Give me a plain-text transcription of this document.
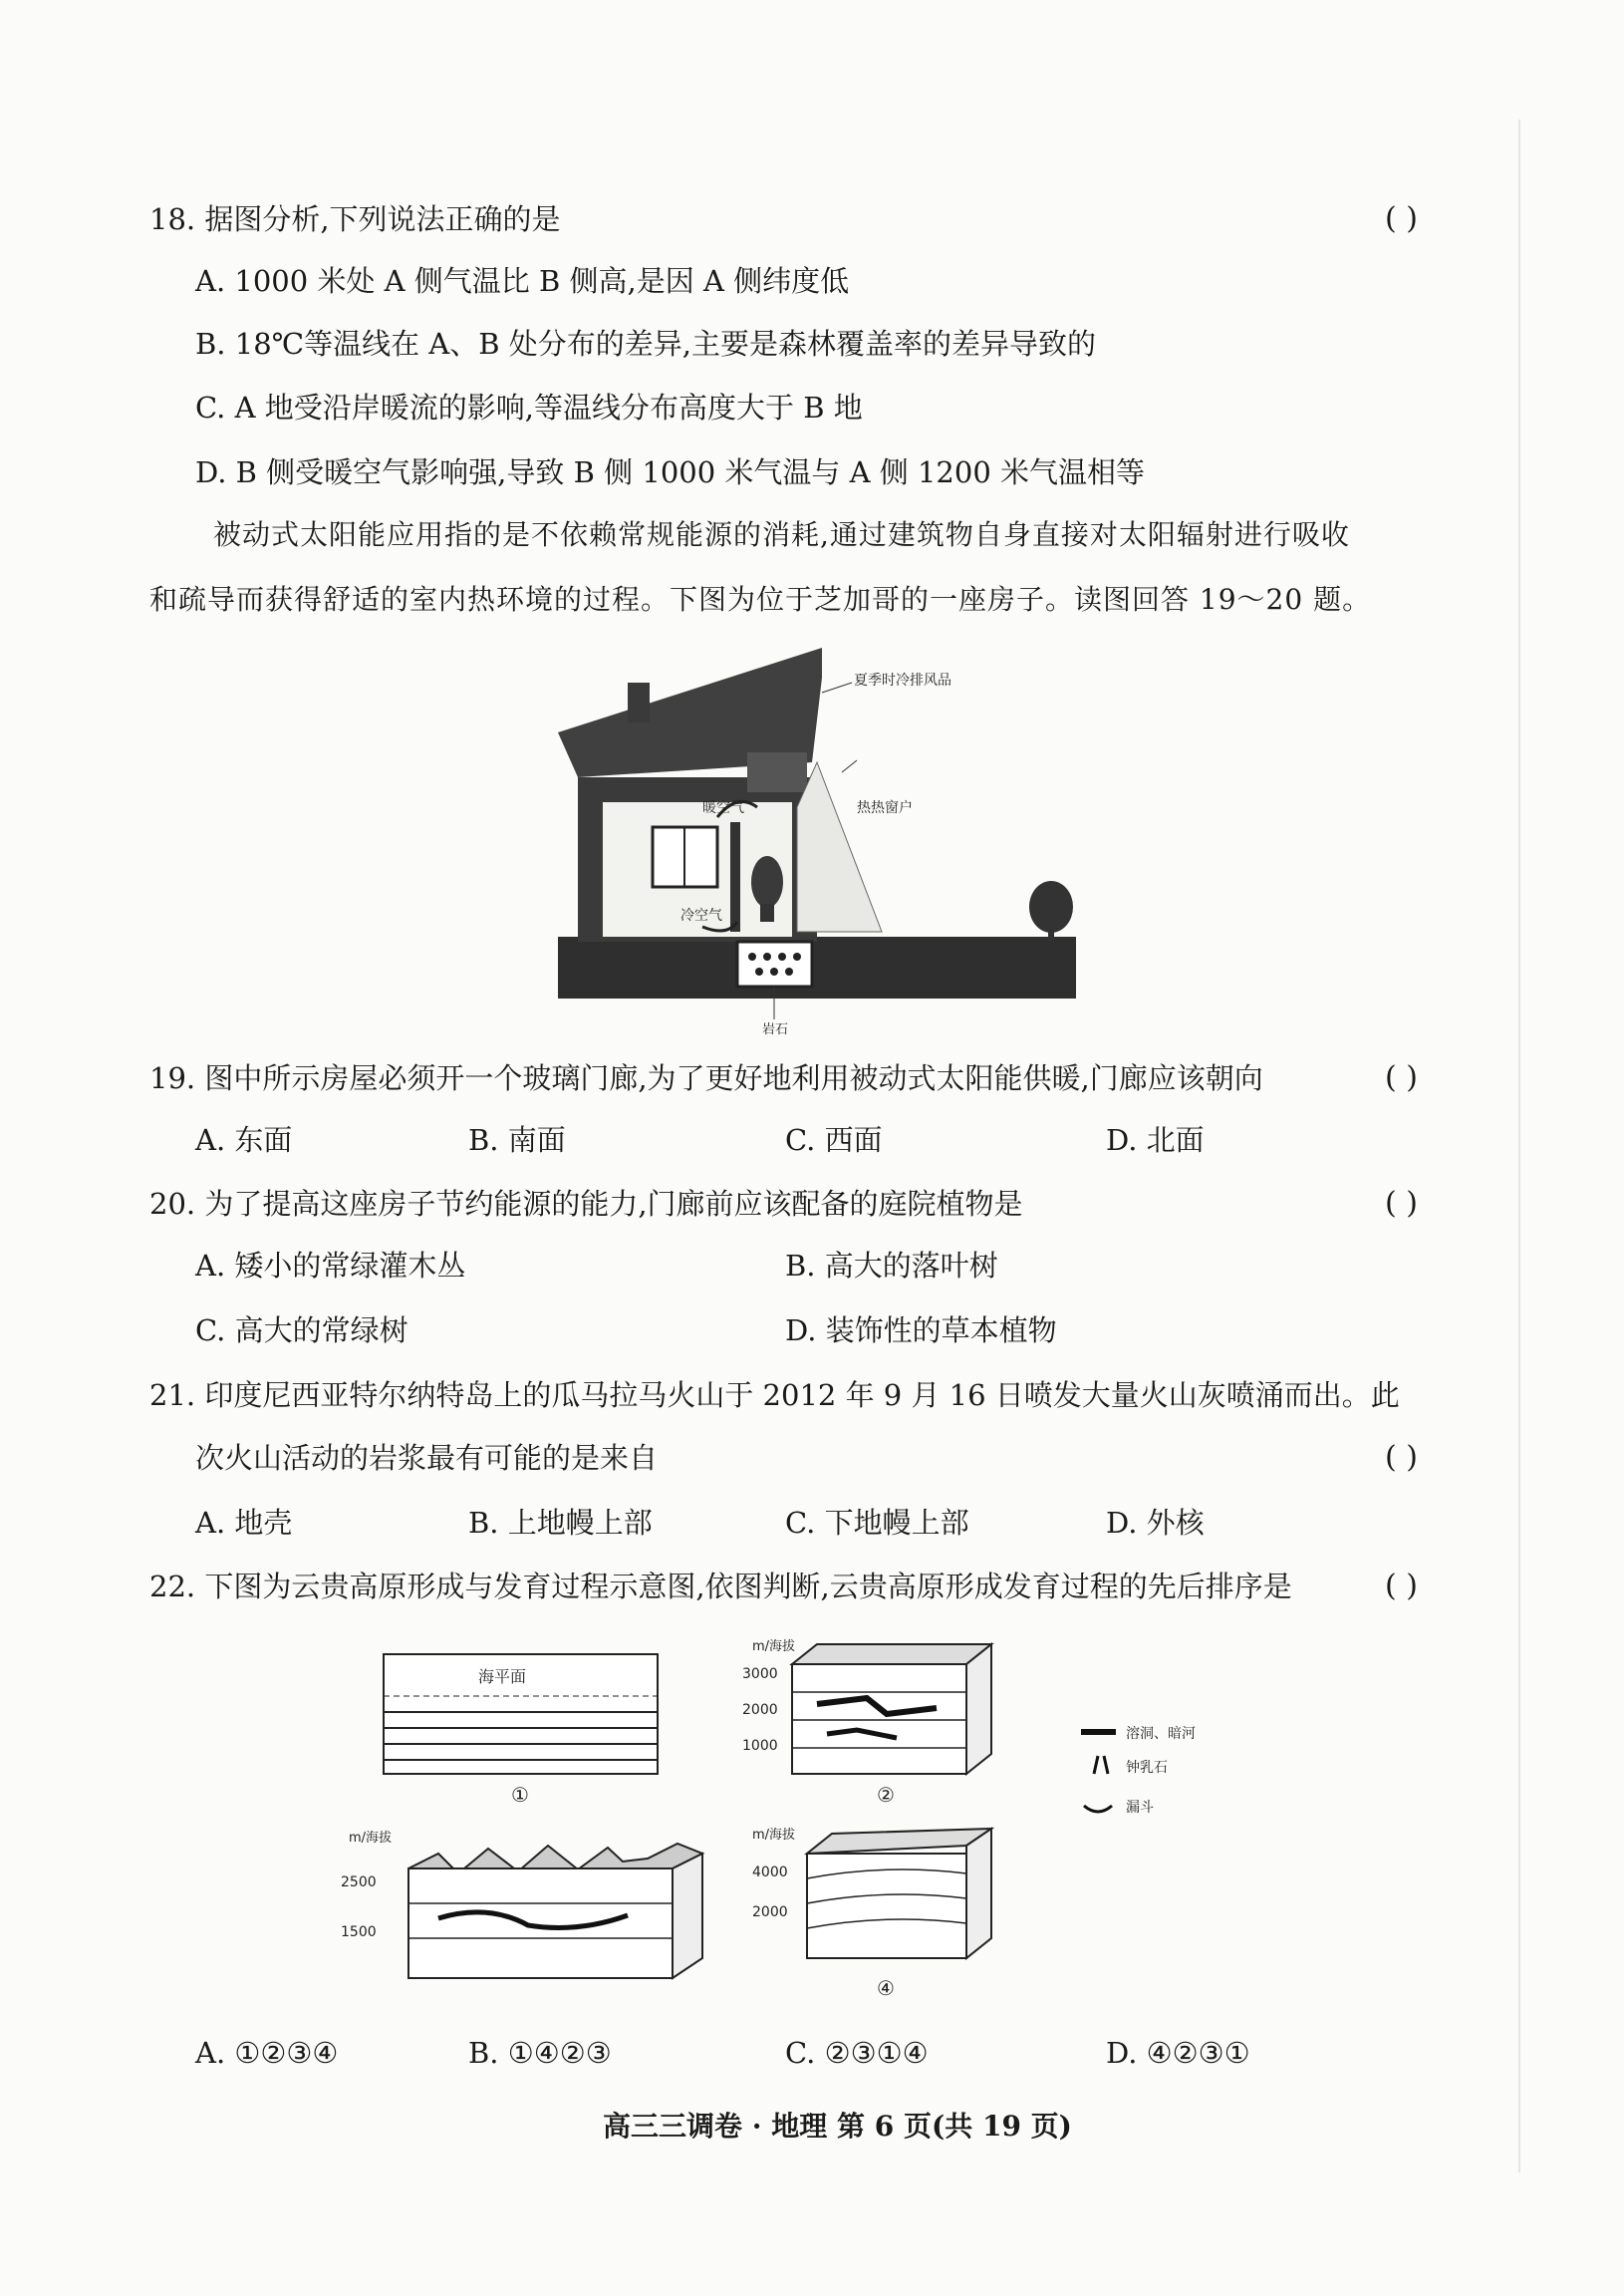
18. 据图分析,下列说法正确的是	( )
A. 1000 米处 A 侧气温比 B 侧高,是因 A 侧纬度低
B. 18℃等温线在 A、B 处分布的差异,主要是森林覆盖率的差异导致的
C. A 地受沿岸暖流的影响,等温线分布高度大于 B 地
D. B 侧受暖空气影响强,导致 B 侧 1000 米气温与 A 侧 1200 米气温相等
被动式太阳能应用指的是不依赖常规能源的消耗,通过建筑物自身直接对太阳辐射进行吸收
和疏导而获得舒适的室内热环境的过程。下图为位于芝加哥的一座房子。读图回答 19～20 题。
夏季时冷排风品
暖空气	热热窗户
冷空气
岩石
19. 图中所示房屋必须开一个玻璃门廊,为了更好地利用被动式太阳能供暖,门廊应该朝向	( )
A. 东面	B. 南面	C. 西面	D. 北面
20. 为了提高这座房子节约能源的能力,门廊前应该配备的庭院植物是	( )
A. 矮小的常绿灌木丛	B. 高大的落叶树
C. 高大的常绿树	D. 装饰性的草本植物
21. 印度尼西亚特尔纳特岛上的瓜马拉马火山于 2012 年 9 月 16 日喷发大量火山灰喷涌而出。此
次火山活动的岩浆最有可能的是来自	( )
A. 地壳	B. 上地幔上部	C. 下地幔上部	D. 外核
22. 下图为云贵高原形成与发育过程示意图,依图判断,云贵高原形成发育过程的先后排序是	( )
海平面
①
m/海拔
3000
2000
1000
②
溶洞、暗河
钟乳石
漏斗
m/海拔
2500
1500
m/海拔
4000
2000
④
A. ①②③④	B. ①④②③	C. ②③①④	D. ④②③①
高三三调卷 · 地理 第 6 页(共 19 页)
